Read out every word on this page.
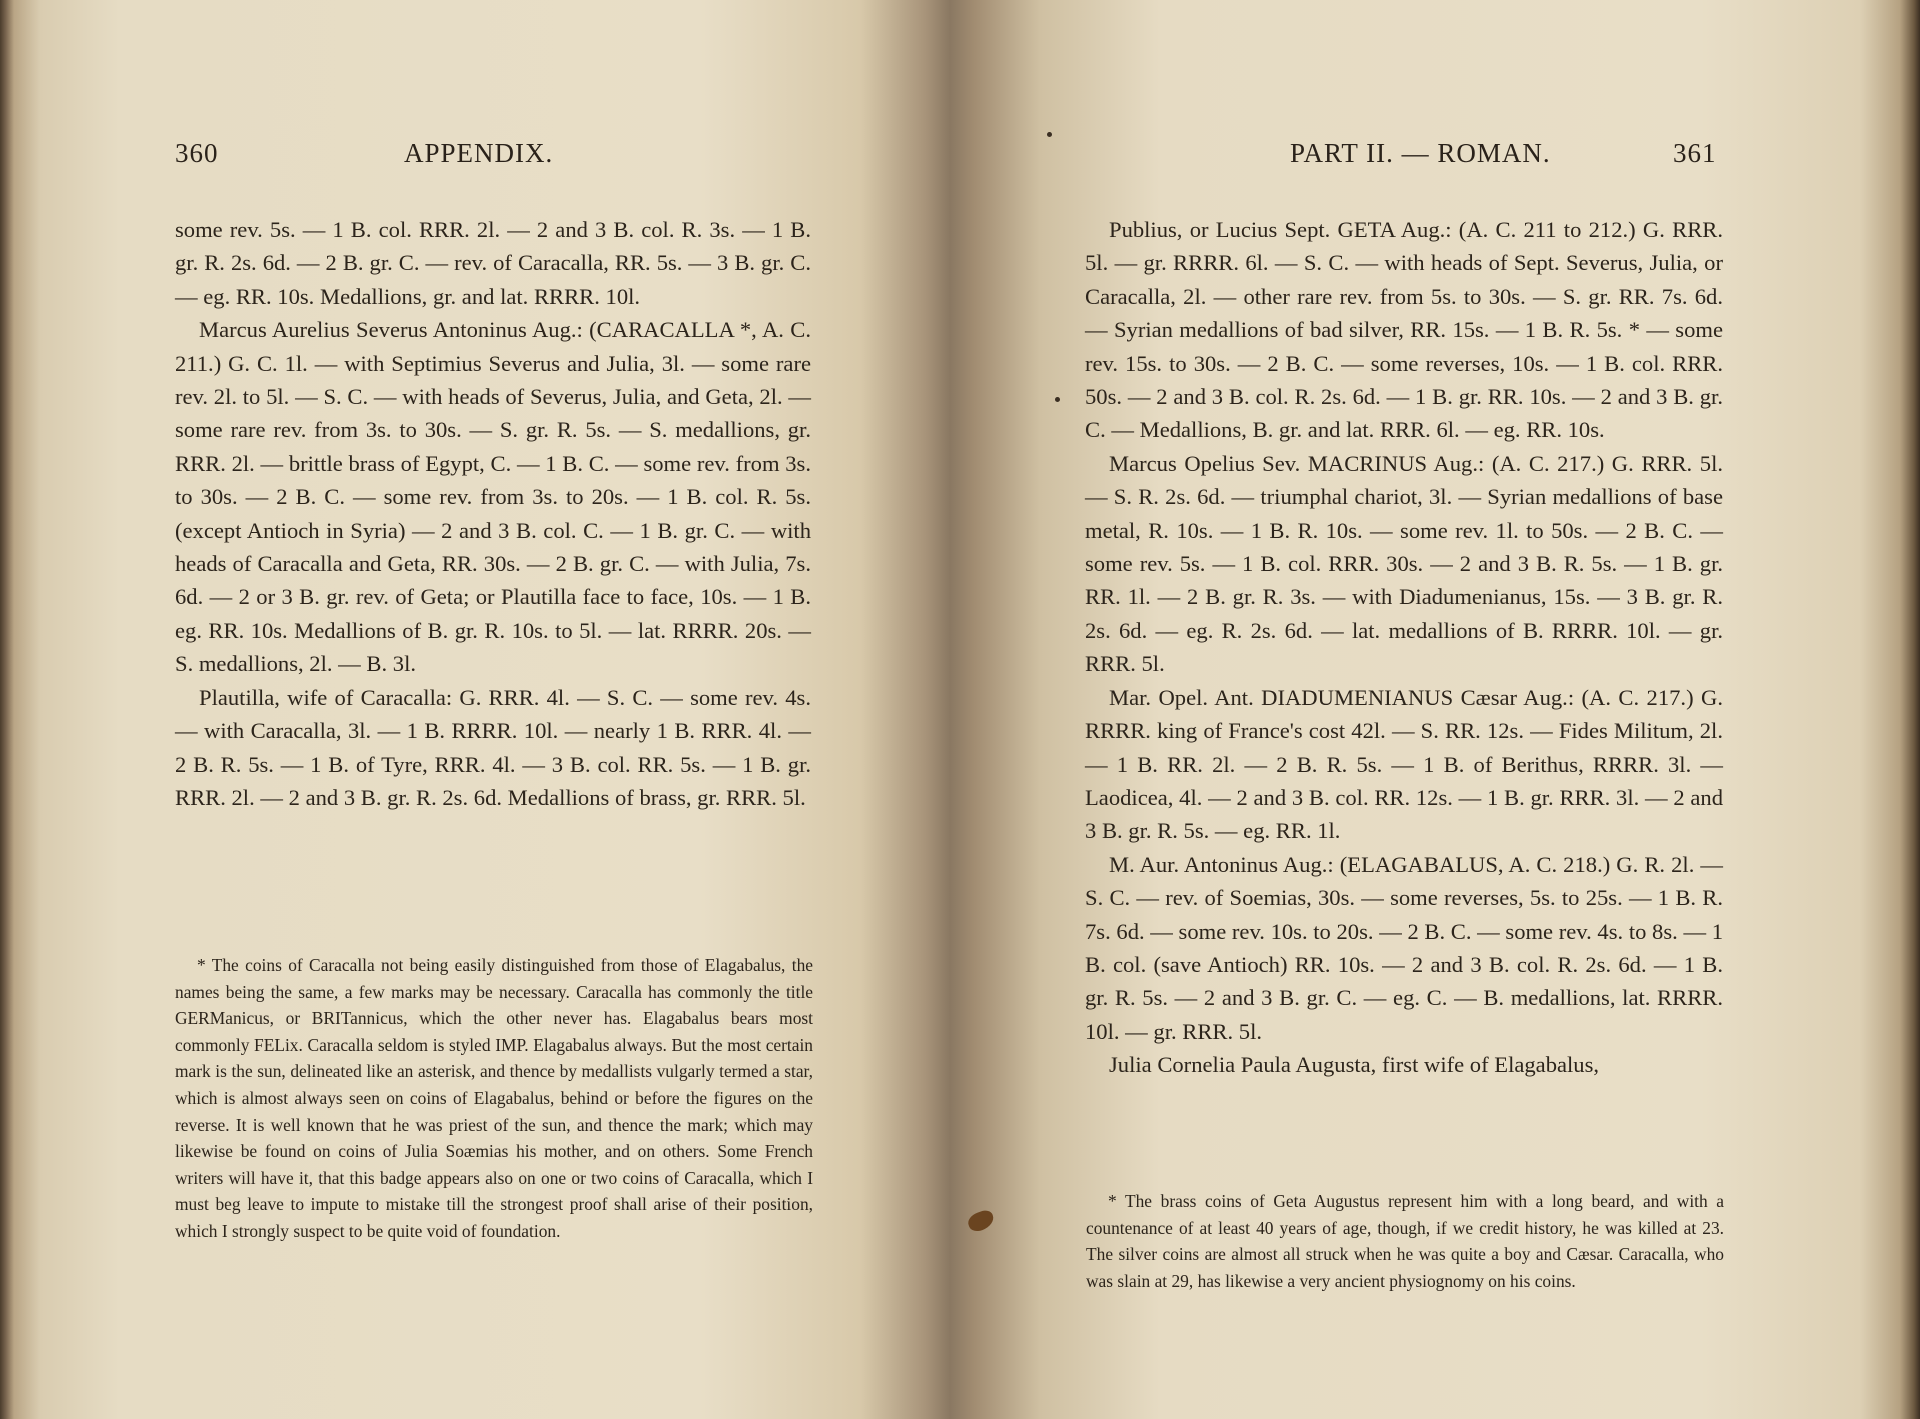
360	APPENDIX.

some rev. 5s. — 1 B. col. RRR. 2l. — 2 and 3 B. col. R. 3s. — 1 B. gr. R. 2s. 6d. — 2 B. gr. C. — rev. of Caracalla, RR. 5s. — 3 B. gr. C. — eg. RR. 10s. Medallions, gr. and lat. RRRR. 10l.

Marcus Aurelius Severus Antoninus Aug.: (CARACALLA *, A. C. 211.) G. C. 1l. — with Septimius Severus and Julia, 3l. — some rare rev. 2l. to 5l. — S. C. — with heads of Severus, Julia, and Geta, 2l. — some rare rev. from 3s. to 30s. — S. gr. R. 5s. — S. medallions, gr. RRR. 2l. — brittle brass of Egypt, C. — 1 B. C. — some rev. from 3s. to 30s. — 2 B. C. — some rev. from 3s. to 20s. — 1 B. col. R. 5s. (except Antioch in Syria) — 2 and 3 B. col. C. — 1 B. gr. C. — with heads of Caracalla and Geta, RR. 30s. — 2 B. gr. C. — with Julia, 7s. 6d. — 2 or 3 B. gr. rev. of Geta; or Plautilla face to face, 10s. — 1 B. eg. RR. 10s. Medallions of B. gr. R. 10s. to 5l. — lat. RRRR. 20s. — S. medallions, 2l. — B. 3l.

Plautilla, wife of Caracalla: G. RRR. 4l. — S. C. — some rev. 4s. — with Caracalla, 3l. — 1 B. RRRR. 10l. — nearly 1 B. RRR. 4l. — 2 B. R. 5s. — 1 B. of Tyre, RRR. 4l. — 3 B. col. RR. 5s. — 1 B. gr. RRR. 2l. — 2 and 3 B. gr. R. 2s. 6d. Medallions of brass, gr. RRR. 5l.

* The coins of Caracalla not being easily distinguished from those of Elagabalus, the names being the same, a few marks may be necessary. Caracalla has commonly the title GERManicus, or BRITannicus, which the other never has. Elagabalus bears most commonly FELix. Caracalla seldom is styled IMP. Elagabalus always. But the most certain mark is the sun, delineated like an asterisk, and thence by medallists vulgarly termed a star, which is almost always seen on coins of Elagabalus, behind or before the figures on the reverse. It is well known that he was priest of the sun, and thence the mark; which may likewise be found on coins of Julia Soæmias his mother, and on others. Some French writers will have it, that this badge appears also on one or two coins of Caracalla, which I must beg leave to impute to mistake till the strongest proof shall arise of their position, which I strongly suspect to be quite void of foundation.

PART II. — ROMAN.	361

Publius, or Lucius Sept. GETA Aug.: (A. C. 211 to 212.) G. RRR. 5l. — gr. RRRR. 6l. — S. C. — with heads of Sept. Severus, Julia, or Caracalla, 2l. — other rare rev. from 5s. to 30s. — S. gr. RR. 7s. 6d. — Syrian medallions of bad silver, RR. 15s. — 1 B. R. 5s. * — some rev. 15s. to 30s. — 2 B. C. — some reverses, 10s. — 1 B. col. RRR. 50s. — 2 and 3 B. col. R. 2s. 6d. — 1 B. gr. RR. 10s. — 2 and 3 B. gr. C. — Medallions, B. gr. and lat. RRR. 6l. — eg. RR. 10s.

Marcus Opelius Sev. MACRINUS Aug.: (A. C. 217.) G. RRR. 5l. — S. R. 2s. 6d. — triumphal chariot, 3l. — Syrian medallions of base metal, R. 10s. — 1 B. R. 10s. — some rev. 1l. to 50s. — 2 B. C. — some rev. 5s. — 1 B. col. RRR. 30s. — 2 and 3 B. R. 5s. — 1 B. gr. RR. 1l. — 2 B. gr. R. 3s. — with Diadumenianus, 15s. — 3 B. gr. R. 2s. 6d. — eg. R. 2s. 6d. — lat. medallions of B. RRRR. 10l. — gr. RRR. 5l.

Mar. Opel. Ant. DIADUMENIANUS Cæsar Aug.: (A. C. 217.) G. RRRR. king of France's cost 42l. — S. RR. 12s. — Fides Militum, 2l. — 1 B. RR. 2l. — 2 B. R. 5s. — 1 B. of Berithus, RRRR. 3l. — Laodicea, 4l. — 2 and 3 B. col. RR. 12s. — 1 B. gr. RRR. 3l. — 2 and 3 B. gr. R. 5s. — eg. RR. 1l.

M. Aur. Antoninus Aug.: (ELAGABALUS, A. C. 218.) G. R. 2l. — S. C. — rev. of Soemias, 30s. — some reverses, 5s. to 25s. — 1 B. R. 7s. 6d. — some rev. 10s. to 20s. — 2 B. C. — some rev. 4s. to 8s. — 1 B. col. (save Antioch) RR. 10s. — 2 and 3 B. col. R. 2s. 6d. — 1 B. gr. R. 5s. — 2 and 3 B. gr. C. — eg. C. — B. medallions, lat. RRRR. 10l. — gr. RRR. 5l.

Julia Cornelia Paula Augusta, first wife of Elagabalus,

* The brass coins of Geta Augustus represent him with a long beard, and with a countenance of at least 40 years of age, though, if we credit history, he was killed at 23. The silver coins are almost all struck when he was quite a boy and Cæsar. Caracalla, who was slain at 29, has likewise a very ancient physiognomy on his coins.
